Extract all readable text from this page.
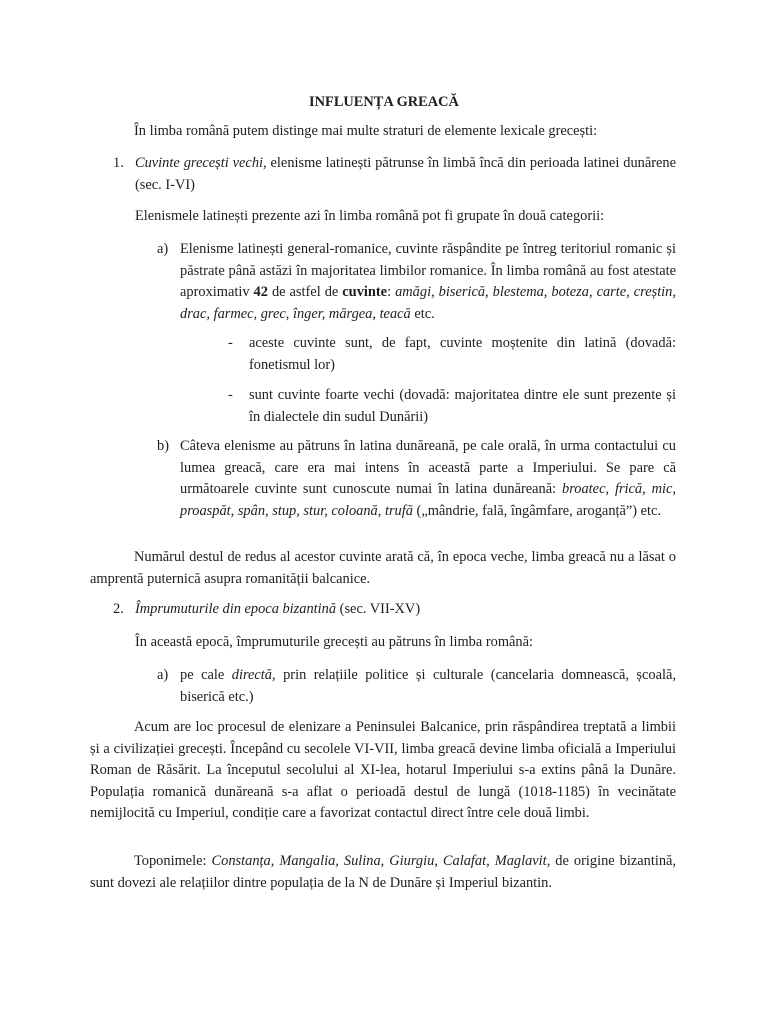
INFLUENȚA GREACĂ

În limba română putem distinge mai multe straturi de elemente lexicale grecești:

1. Cuvinte grecești vechi, elenisme latinești pătrunse în limbă încă din perioada latinei dunărene (sec. I-VI)

Elenismele latinești prezente azi în limba română pot fi grupate în două categorii:

a) Elenisme latinești general-romanice, cuvinte răspândite pe întreg teritoriul romanic și păstrate până astăzi în majoritatea limbilor romanice. În limba română au fost atestate aproximativ 42 de astfel de cuvinte: amăgi, biserică, blestema, boteza, carte, creștin, drac, farmec, grec, înger, mărgea, teacă etc.

- aceste cuvinte sunt, de fapt, cuvinte moștenite din latină (dovadă: fonetismul lor)

- sunt cuvinte foarte vechi (dovadă: majoritatea dintre ele sunt prezente și în dialectele din sudul Dunării)

b) Câteva elenisme au pătruns în latina dunăreană, pe cale orală, în urma contactului cu lumea greacă, care era mai intens în această parte a Imperiului. Se pare că următoarele cuvinte sunt cunoscute numai în latina dunăreană: broatec, frică, mic, proaspăt, spân, stup, stur, coloană, trufă („mândrie, fală, îngâmfare, aroganță”) etc.

Numărul destul de redus al acestor cuvinte arată că, în epoca veche, limba greacă nu a lăsat o amprentă puternică asupra romanității balcanice.

2. Împrumuturile din epoca bizantină (sec. VII-XV)

În această epocă, împrumuturile grecești au pătruns în limba română:

a) pe cale directă, prin relațiile politice și culturale (cancelaria domnească, școală, biserică etc.)

Acum are loc procesul de elenizare a Peninsulei Balcanice, prin răspândirea treptată a limbii și a civilizației grecești. Începând cu secolele VI-VII, limba greacă devine limba oficială a Imperiului Roman de Răsărit. La începutul secolului al XI-lea, hotarul Imperiului s-a extins până la Dunăre. Populația romanică dunăreană s-a aflat o perioadă destul de lungă (1018-1185) în vecinătate nemijlocită cu Imperiul, condiție care a favorizat contactul direct între cele două limbi.

Toponimele: Constanța, Mangalia, Sulina, Giurgiu, Calafat, Maglavit, de origine bizantină, sunt dovezi ale relațiilor dintre populația de la N de Dunăre și Imperiul bizantin.
